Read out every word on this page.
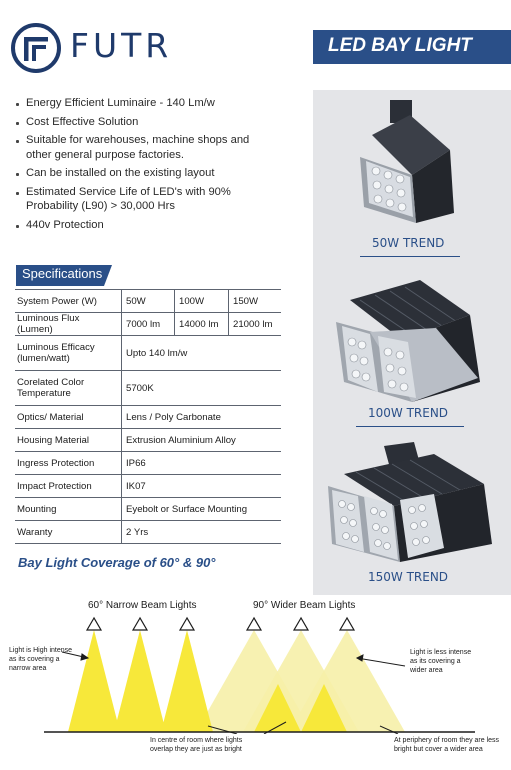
FUTR	LED BAY LIGHT
Energy Efficient Luminaire - 140 Lm/w
Cost Effective Solution
Suitable for warehouses, machine shops and other general purpose factories.
Can be installed on the existing layout
Estimated Service Life of LED's with 90% Probability (L90) > 30,000 Hrs
440v Protection
Specifications
System Power (W)	50W	100W	150W
Luminous Flux (Lumen)	7000 lm	14000 lm	21000 lm
Luminous Efficacy (lumen/watt)	Upto 140 lm/w		
Corelated Color Temperature	5700K		
Optics/ Material	Lens / Poly Carbonate		
Housing Material	Extrusion Aluminium Alloy		
Ingress Protection	IP66		
Impact Protection	IK07		
Mounting	Eyebolt or Surface Mounting		
Waranty	2 Yrs		
50W TREND
100W TREND
150W TREND
Bay Light Coverage of 60° & 90°
60° Narrow Beam Lights	90° Wider Beam Lights
Light is High intense
as its covering a
narrow area
Light is less intense
as its covering a
wider area
In centre of room where lights
overlap they are just as bright
At periphery of room they are less
bright but cover a wider area
